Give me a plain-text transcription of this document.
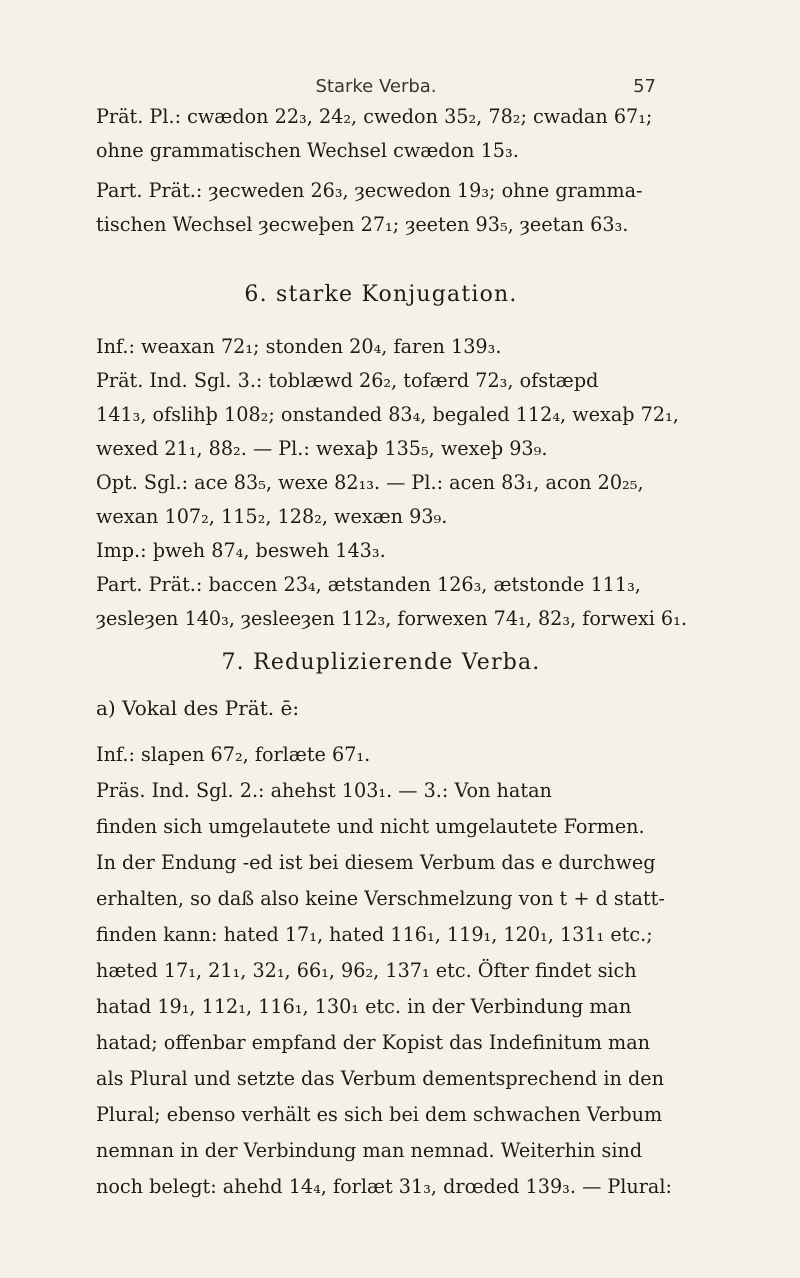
Starke Verba.	57
Prät. Pl.: cwædon 22₃, 24₂, cwedon 35₂, 78₂; cwadan 67₁;
ohne grammatischen Wechsel cwædon 15₃.
Part. Prät.: ȝecweden 26₃, ȝecwedon 19₃; ohne gramma-
tischen Wechsel ȝecweþen 27₁; ȝeeten 93₅, ȝeetan 63₃.
6. starke Konjugation.
Inf.: weaxan 72₁; stonden 20₄, faren 139₃.
Prät. Ind. Sgl. 3.: toblæwd 26₂, tofærd 72₃, ofstæpd
141₃, ofslihþ 108₂; onstanded 83₄, begaled 112₄, wexaþ 72₁,
wexed 21₁, 88₂. — Pl.: wexaþ 135₅, wexeþ 93₉.
Opt. Sgl.: ace 83₅, wexe 82₁₃. — Pl.: acen 83₁, acon 20₂₅,
wexan 107₂, 115₂, 128₂, wexæn 93₉.
Imp.: þweh 87₄, besweh 143₃.
Part. Prät.: baccen 23₄, ætstanden 126₃, ætstonde 111₃,
ȝesleȝen 140₃, ȝesleeȝen 112₃, forwexen 74₁, 82₃, forwexi 6₁.
7. Reduplizierende Verba.
a) Vokal des Prät. ē:
Inf.: slapen 67₂, forlæte 67₁.
Präs. Ind. Sgl. 2.: ahehst 103₁. — 3.: Von hatan
finden sich umgelautete und nicht umgelautete Formen.
In der Endung -ed ist bei diesem Verbum das e durchweg
erhalten, so daß also keine Verschmelzung von t + d statt-
finden kann: hated 17₁, hated 116₁, 119₁, 120₁, 131₁ etc.;
hæted 17₁, 21₁, 32₁, 66₁, 96₂, 137₁ etc. Öfter findet sich
hatad 19₁, 112₁, 116₁, 130₁ etc. in der Verbindung man
hatad; offenbar empfand der Kopist das Indefinitum man
als Plural und setzte das Verbum dementsprechend in den
Plural; ebenso verhält es sich bei dem schwachen Verbum
nemnan in der Verbindung man nemnad. Weiterhin sind
noch belegt: ahehd 14₄, forlæt 31₃, drœded 139₃. — Plural:
